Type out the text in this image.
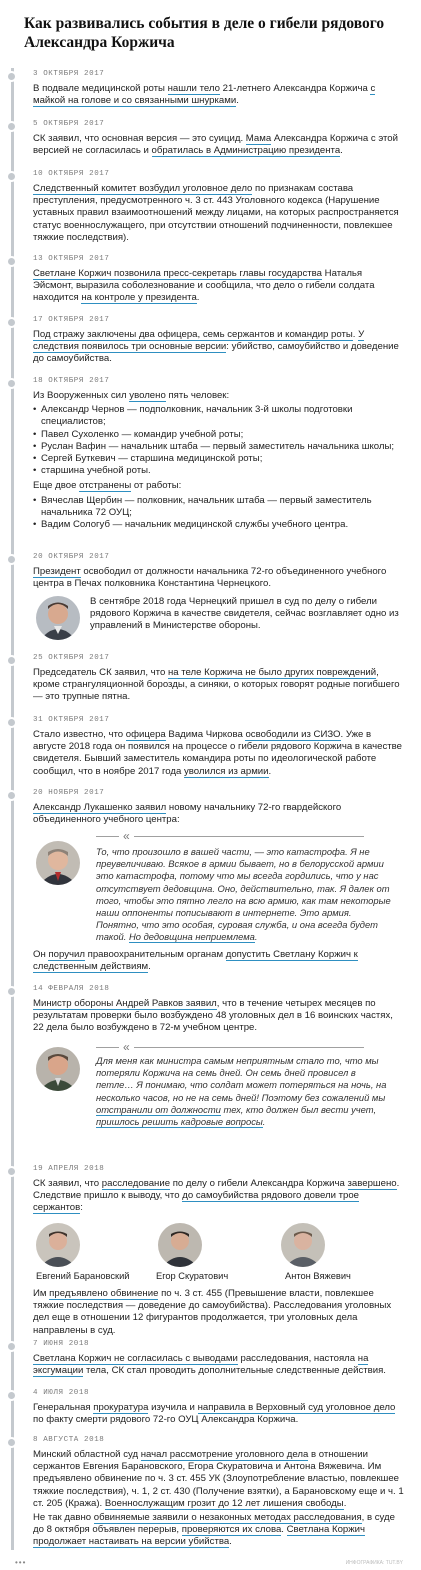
Как развивались события в деле о гибели рядового Александра Коржича
3 ОКТЯБРЯ 2017
В подвале медицинской роты нашли тело 21-летнего Александра Коржича с майкой на голове и со связанными шнурками.
5 ОКТЯБРЯ 2017
СК заявил, что основная версия — это суицид. Мама Александра Коржича с этой версией не согласилась и обратилась в Администрацию президента.
10 ОКТЯБРЯ 2017
Следственный комитет возбудил уголовное дело по признакам состава преступления, предусмотренного ч. 3 ст. 443 Уголовного кодекса (Нарушение уставных правил взаимоотношений между лицами, на которых распространяется статус военнослужащего, при отсутствии отношений подчиненности, повлекшее тяжкие последствия).
13 ОКТЯБРЯ 2017
Светлане Коржич позвонила пресс-секретарь главы государства Наталья Эйсмонт, выразила соболезнование и сообщила, что дело о гибели солдата находится на контроле у президента.
17 ОКТЯБРЯ 2017
Под стражу заключены два офицера, семь сержантов и командир роты. У следствия появилось три основные версии: убийство, самоубийство и доведение до самоубийства.
18 ОКТЯБРЯ 2017

Из Вооруженных сил уволено пять человек:

• Александр Чернов — подполковник, начальник 3-й школы подготовки специалистов;
• Павел Сухоленко — командир учебной роты;
• Руслан Вафин — начальник штаба — первый заместитель начальника школы;
• Сергей Буткевич — старшина медицинской роты;
• старшина учебной роты.

Еще двое отстранены от работы:

• Вячеслав Щербин — полковник, начальник штаба — первый заместитель начальника 72 ОУЦ;
• Вадим Сологуб — начальник медицинской службы учебного центра.
20 ОКТЯБРЯ 2017
Президент освободил от должности начальника 72-го объединенного учебного центра в Печах полковника Константина Чернецкого.
В сентябре 2018 года Чернецкий пришел в суд по делу о гибели рядового Коржича в качестве свидетеля, сейчас возглавляет одно из управлений в Министерстве обороны.
25 ОКТЯБРЯ 2017
Председатель СК заявил, что на теле Коржича не было других повреждений, кроме странгуляционной борозды, а синяки, о которых говорят родные погибшего — это трупные пятна.
31 ОКТЯБРЯ 2017
Стало известно, что офицера Вадима Чиркова освободили из СИЗО. Уже в августе 2018 года он появился на процессе о гибели рядового Коржича в качестве свидетеля. Бывший заместитель командира роты по идеологической работе сообщил, что в ноябре 2017 года уволился из армии.
20 НОЯБРЯ 2017
Александр Лукашенко заявил новому начальнику 72-го гвардейского объединенного учебного центра:
«
То, что произошло в вашей части, — это катастрофа. Я не преувеличиваю. Всякое в армии бывает, но в белорусской армии это катастрофа, потому что мы всегда гордились, что у нас отсутствует дедовщина. Оно, действительно, так. Я далек от того, чтобы это пятно легло на всю армию, как там некоторые наши оппоненты пописывают в интернете. Это армия. Понятно, что это особая, суровая служба, и она всегда будет такой. Но дедовщина неприемлема.
Он поручил правоохранительным органам допустить Светлану Коржич к следственным действиям.
14 ФЕВРАЛЯ 2018
Министр обороны Андрей Равков заявил, что в течение четырех месяцев по результатам проверки было возбуждено 48 уголовных дел в 16 воинских частях, 22 дела было возбуждено в 72-м учебном центре.
«
Для меня как министра самым неприятным стало то, что мы потеряли Коржича на семь дней. Он семь дней провисел в петле… Я понимаю, что солдат может потеряться на ночь, на несколько часов, но не на семь дней! Поэтому без сожалений мы отстранили от должности тех, кто должен был вести учет, пришлось решить кадровые вопросы.
19 АПРЕЛЯ 2018
СК заявил, что расследование по делу о гибели Александра Коржича завершено. Следствие пришло к выводу, что до самоубийства рядового довели трое сержантов:
Евгений Барановский	Егор Скуратович	Антон Вяжевич
Им предъявлено обвинение по ч. 3 ст. 455 (Превышение власти, повлекшее тяжкие последствия — доведение до самоубийства). Расследования уголовных дел еще в отношении 12 фигурантов продолжается, три уголовных дела направлены в суд.
7 ИЮНЯ 2018
Светлана Коржич не согласилась с выводами расследования, настояла на эксгумации тела, СК стал проводить дополнительные следственные действия.
4 ИЮЛЯ 2018
Генеральная прокуратура изучила и направила в Верховный суд уголовное дело по факту смерти рядового 72-го ОУЦ Александра Коржича.
8 АВГУСТА 2018
Минский областной суд начал рассмотрение уголовного дела в отношении сержантов Евгения Барановского, Егора Скуратовича и Антона Вяжевича. Им предъявлено обвинение по ч. 3 ст. 455 УК (Злоупотребление властью, повлекшее тяжкие последствия), ч. 1, 2 ст. 430 (Получение взятки), а Барановскому еще и ч. 1 ст. 205 (Кража). Военнослужащим грозит до 12 лет лишения свободы.
Не так давно обвиняемые заявили о незаконных методах расследования, в суде до 8 октября объявлен перерыв, проверяются их слова. Светлана Коржич продолжает настаивать на версии убийства.
•••	ИНФОГРАФИКА: TUT.BY
